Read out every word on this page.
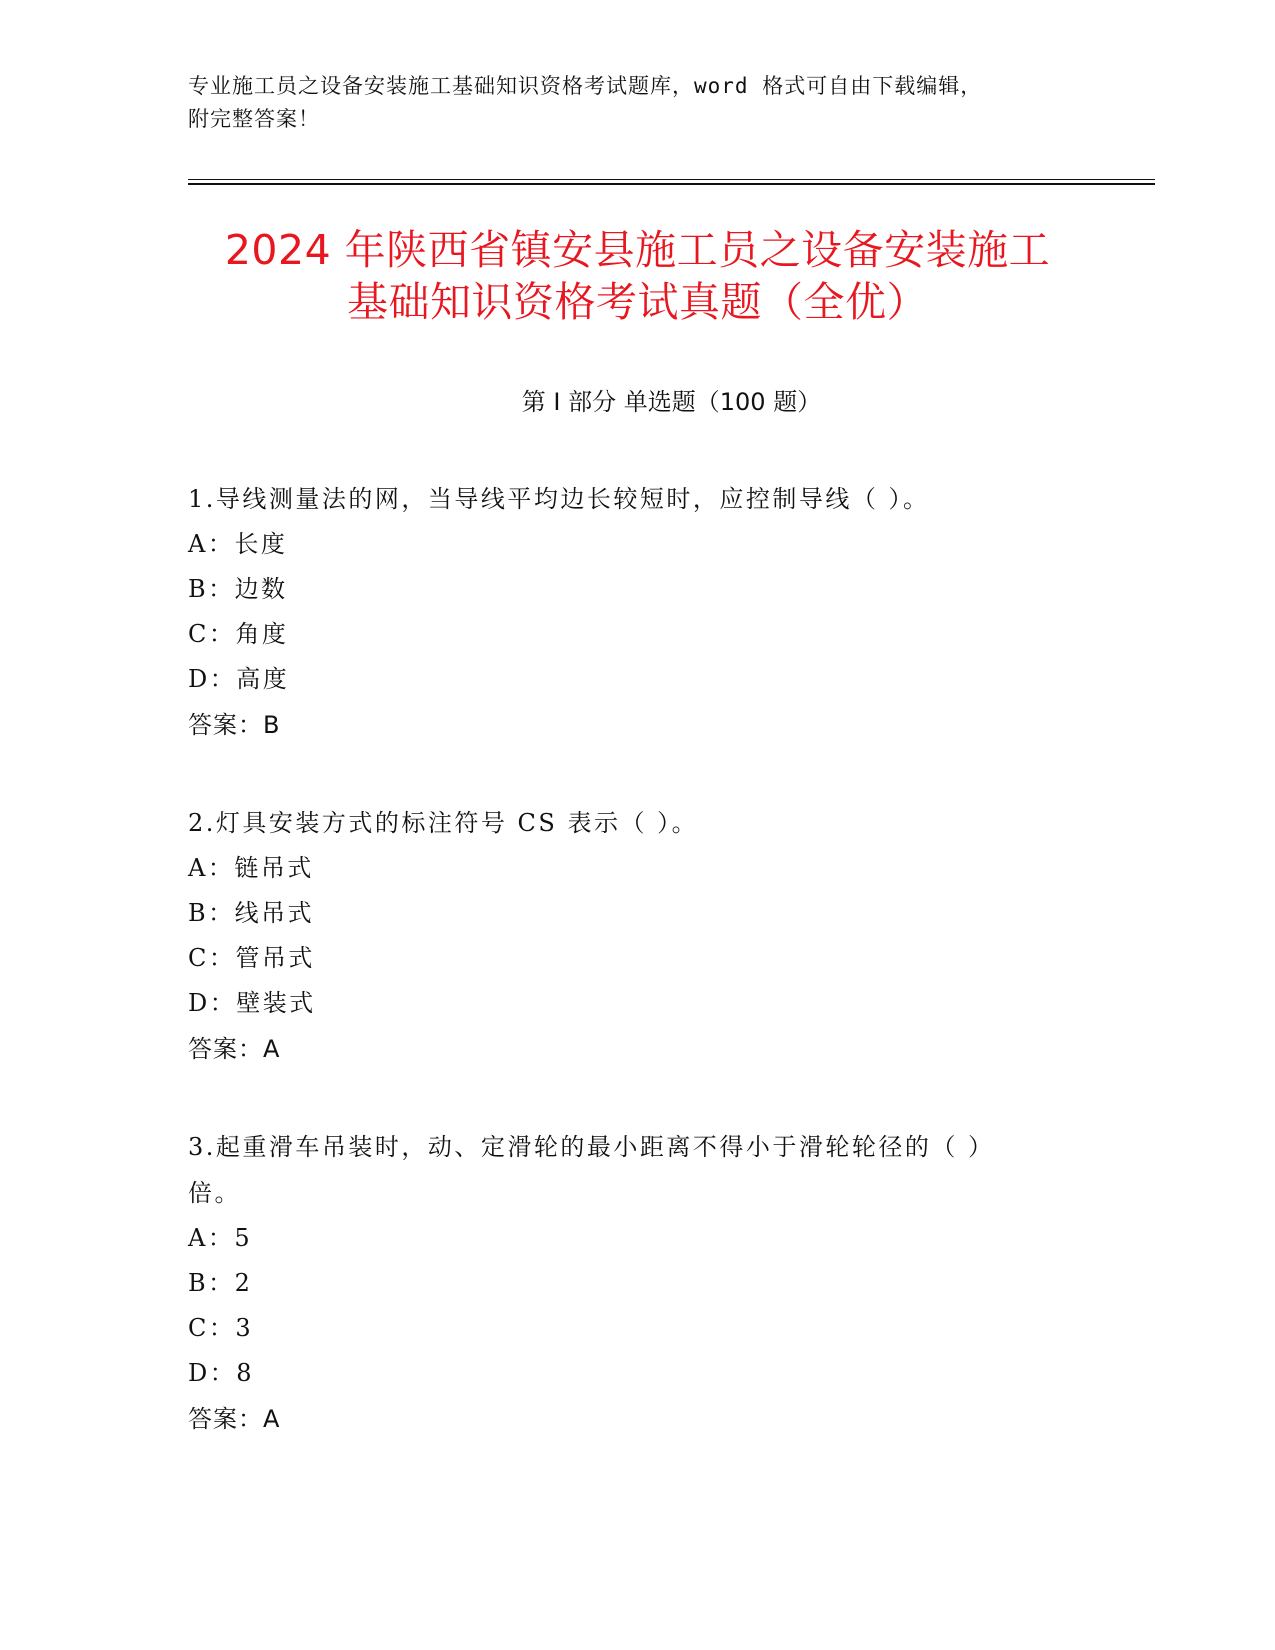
专业施工员之设备安装施工基础知识资格考试题库，word 格式可自由下载编辑，
附完整答案！
2024 年陕西省镇安县施工员之设备安装施工
基础知识资格考试真题（全优）
第 I 部分 单选题（100 题）
1.导线测量法的网，当导线平均边长较短时，应控制导线（ ）。
A：长度
B：边数
C：角度
D：高度
答案：B
2.灯具安装方式的标注符号 CS 表示（ ）。
A：链吊式
B：线吊式
C：管吊式
D：壁装式
答案：A
3.起重滑车吊装时，动、定滑轮的最小距离不得小于滑轮轮径的（ ）
倍。
A：5
B：2
C：3
D：8
答案：A
